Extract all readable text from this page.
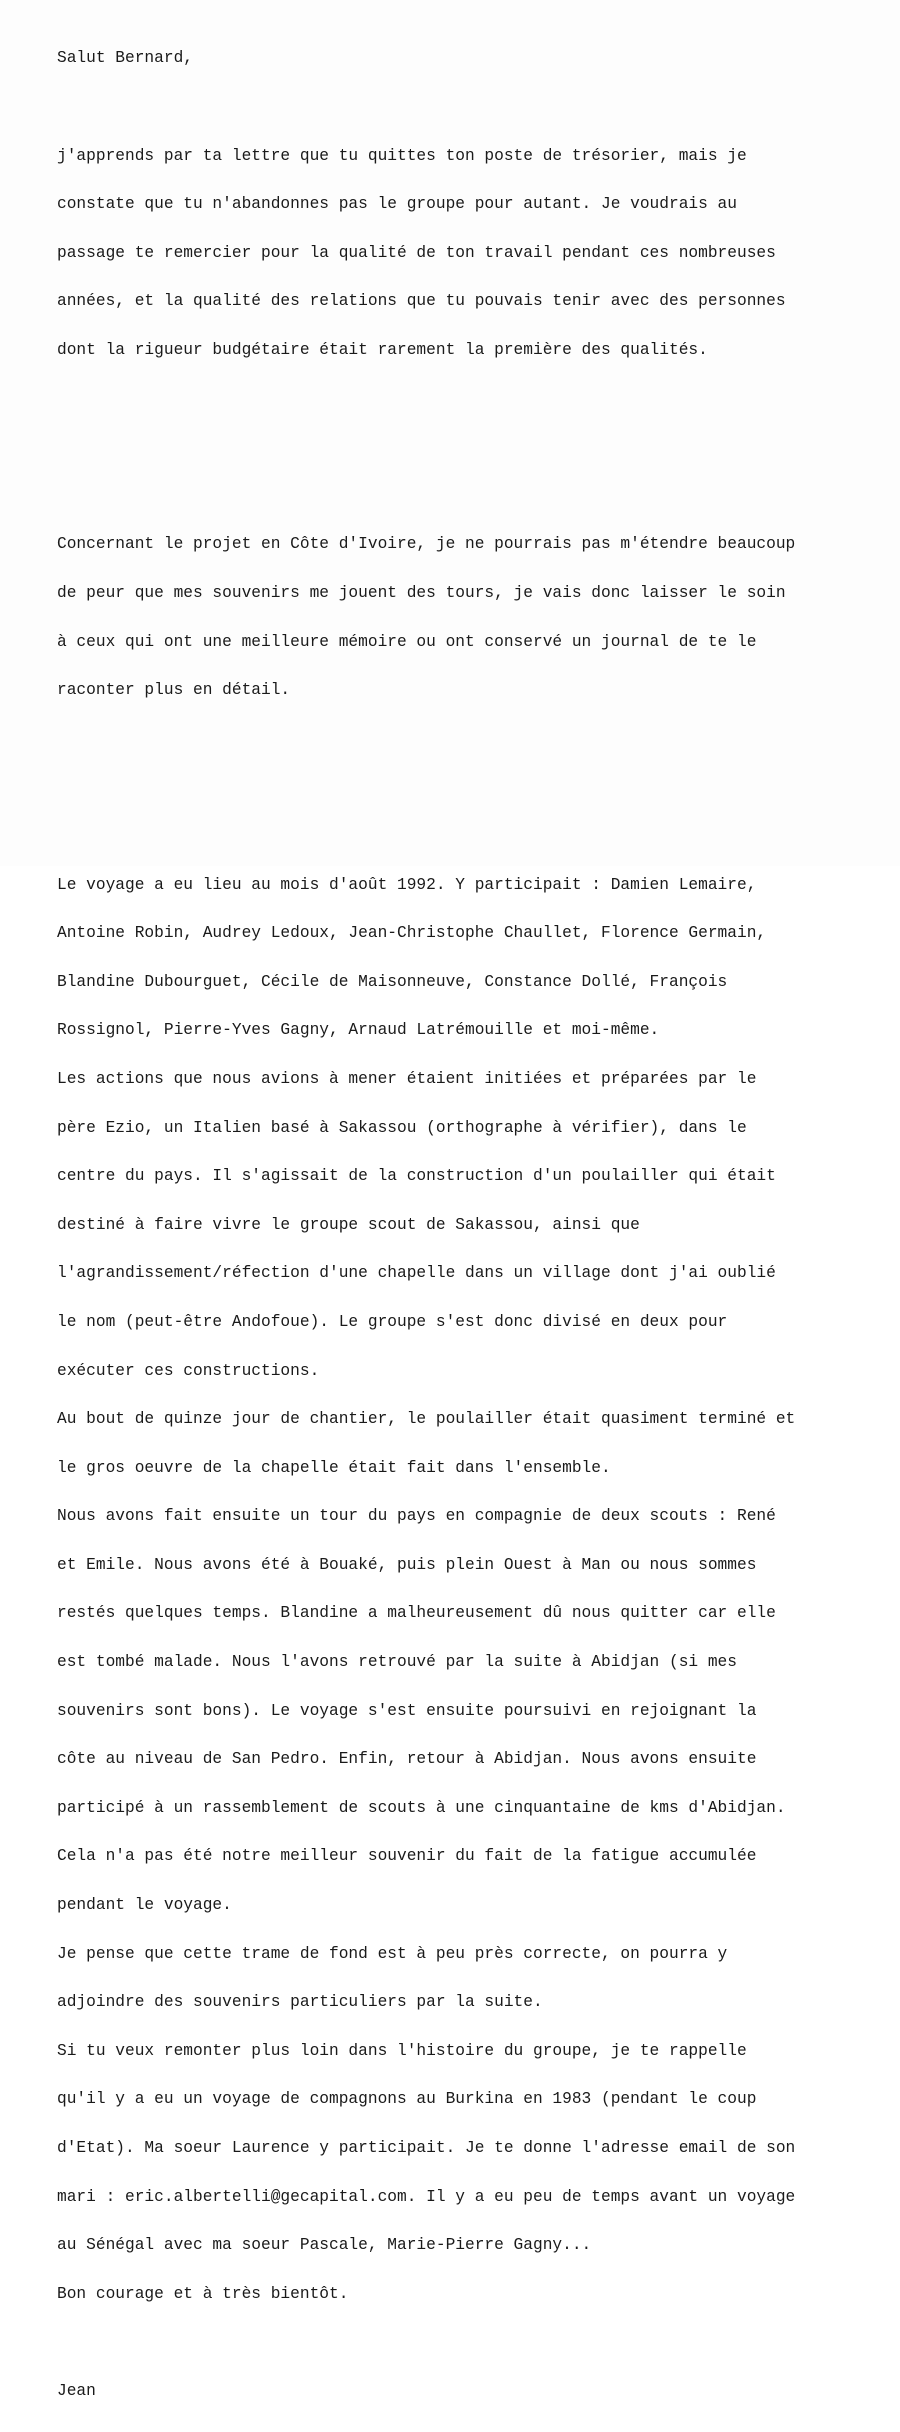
Salut Bernard,

j'apprends par ta lettre que tu quittes ton poste de trésorier, mais je

constate que tu n'abandonnes pas le groupe pour autant. Je voudrais au

passage te remercier pour la qualité de ton travail pendant ces nombreuses

années, et la qualité des relations que tu pouvais tenir avec des personnes

dont la rigueur budgétaire était rarement la première des qualités.

Concernant le projet en Côte d'Ivoire, je ne pourrais pas m'étendre beaucoup

de peur que mes souvenirs me jouent des tours, je vais donc laisser le soin

à ceux qui ont une meilleure mémoire ou ont conservé un journal de te le

raconter plus en détail.

Le voyage a eu lieu au mois d'août 1992. Y participait : Damien Lemaire,

Antoine Robin, Audrey Ledoux, Jean-Christophe Chaullet, Florence Germain,

Blandine Dubourguet, Cécile de Maisonneuve, Constance Dollé, François

Rossignol, Pierre-Yves Gagny, Arnaud Latrémouille et moi-même.

Les actions que nous avions à mener étaient initiées et préparées par le

père Ezio, un Italien basé à Sakassou (orthographe à vérifier), dans le

centre du pays. Il s'agissait de la construction d'un poulailler qui était

destiné à faire vivre le groupe scout de Sakassou, ainsi que

l'agrandissement/réfection d'une chapelle dans un village dont j'ai oublié

le nom (peut-être Andofoue). Le groupe s'est donc divisé en deux pour

exécuter ces constructions.

Au bout de quinze jour de chantier, le poulailler était quasiment terminé et

le gros oeuvre de la chapelle était fait dans l'ensemble.

Nous avons fait ensuite un tour du pays en compagnie de deux scouts : René

et Emile. Nous avons été à Bouaké, puis plein Ouest à Man ou nous sommes

restés quelques temps. Blandine a malheureusement dû nous quitter car elle

est tombé malade. Nous l'avons retrouvé par la suite à Abidjan (si mes

souvenirs sont bons). Le voyage s'est ensuite poursuivi en rejoignant la

côte au niveau de San Pedro. Enfin, retour à Abidjan. Nous avons ensuite

participé à un rassemblement de scouts à une cinquantaine de kms d'Abidjan.

Cela n'a pas été notre meilleur souvenir du fait de la fatigue accumulée

pendant le voyage.

Je pense que cette trame de fond est à peu près correcte, on pourra y

adjoindre des souvenirs particuliers par la suite.

Si tu veux remonter plus loin dans l'histoire du groupe, je te rappelle

qu'il y a eu un voyage de compagnons au Burkina en 1983 (pendant le coup

d'Etat). Ma soeur Laurence y participait. Je te donne l'adresse email de son

mari : eric.albertelli@gecapital.com. Il y a eu peu de temps avant un voyage

au Sénégal avec ma soeur Pascale, Marie-Pierre Gagny...

Bon courage et à très bientôt.

Jean
